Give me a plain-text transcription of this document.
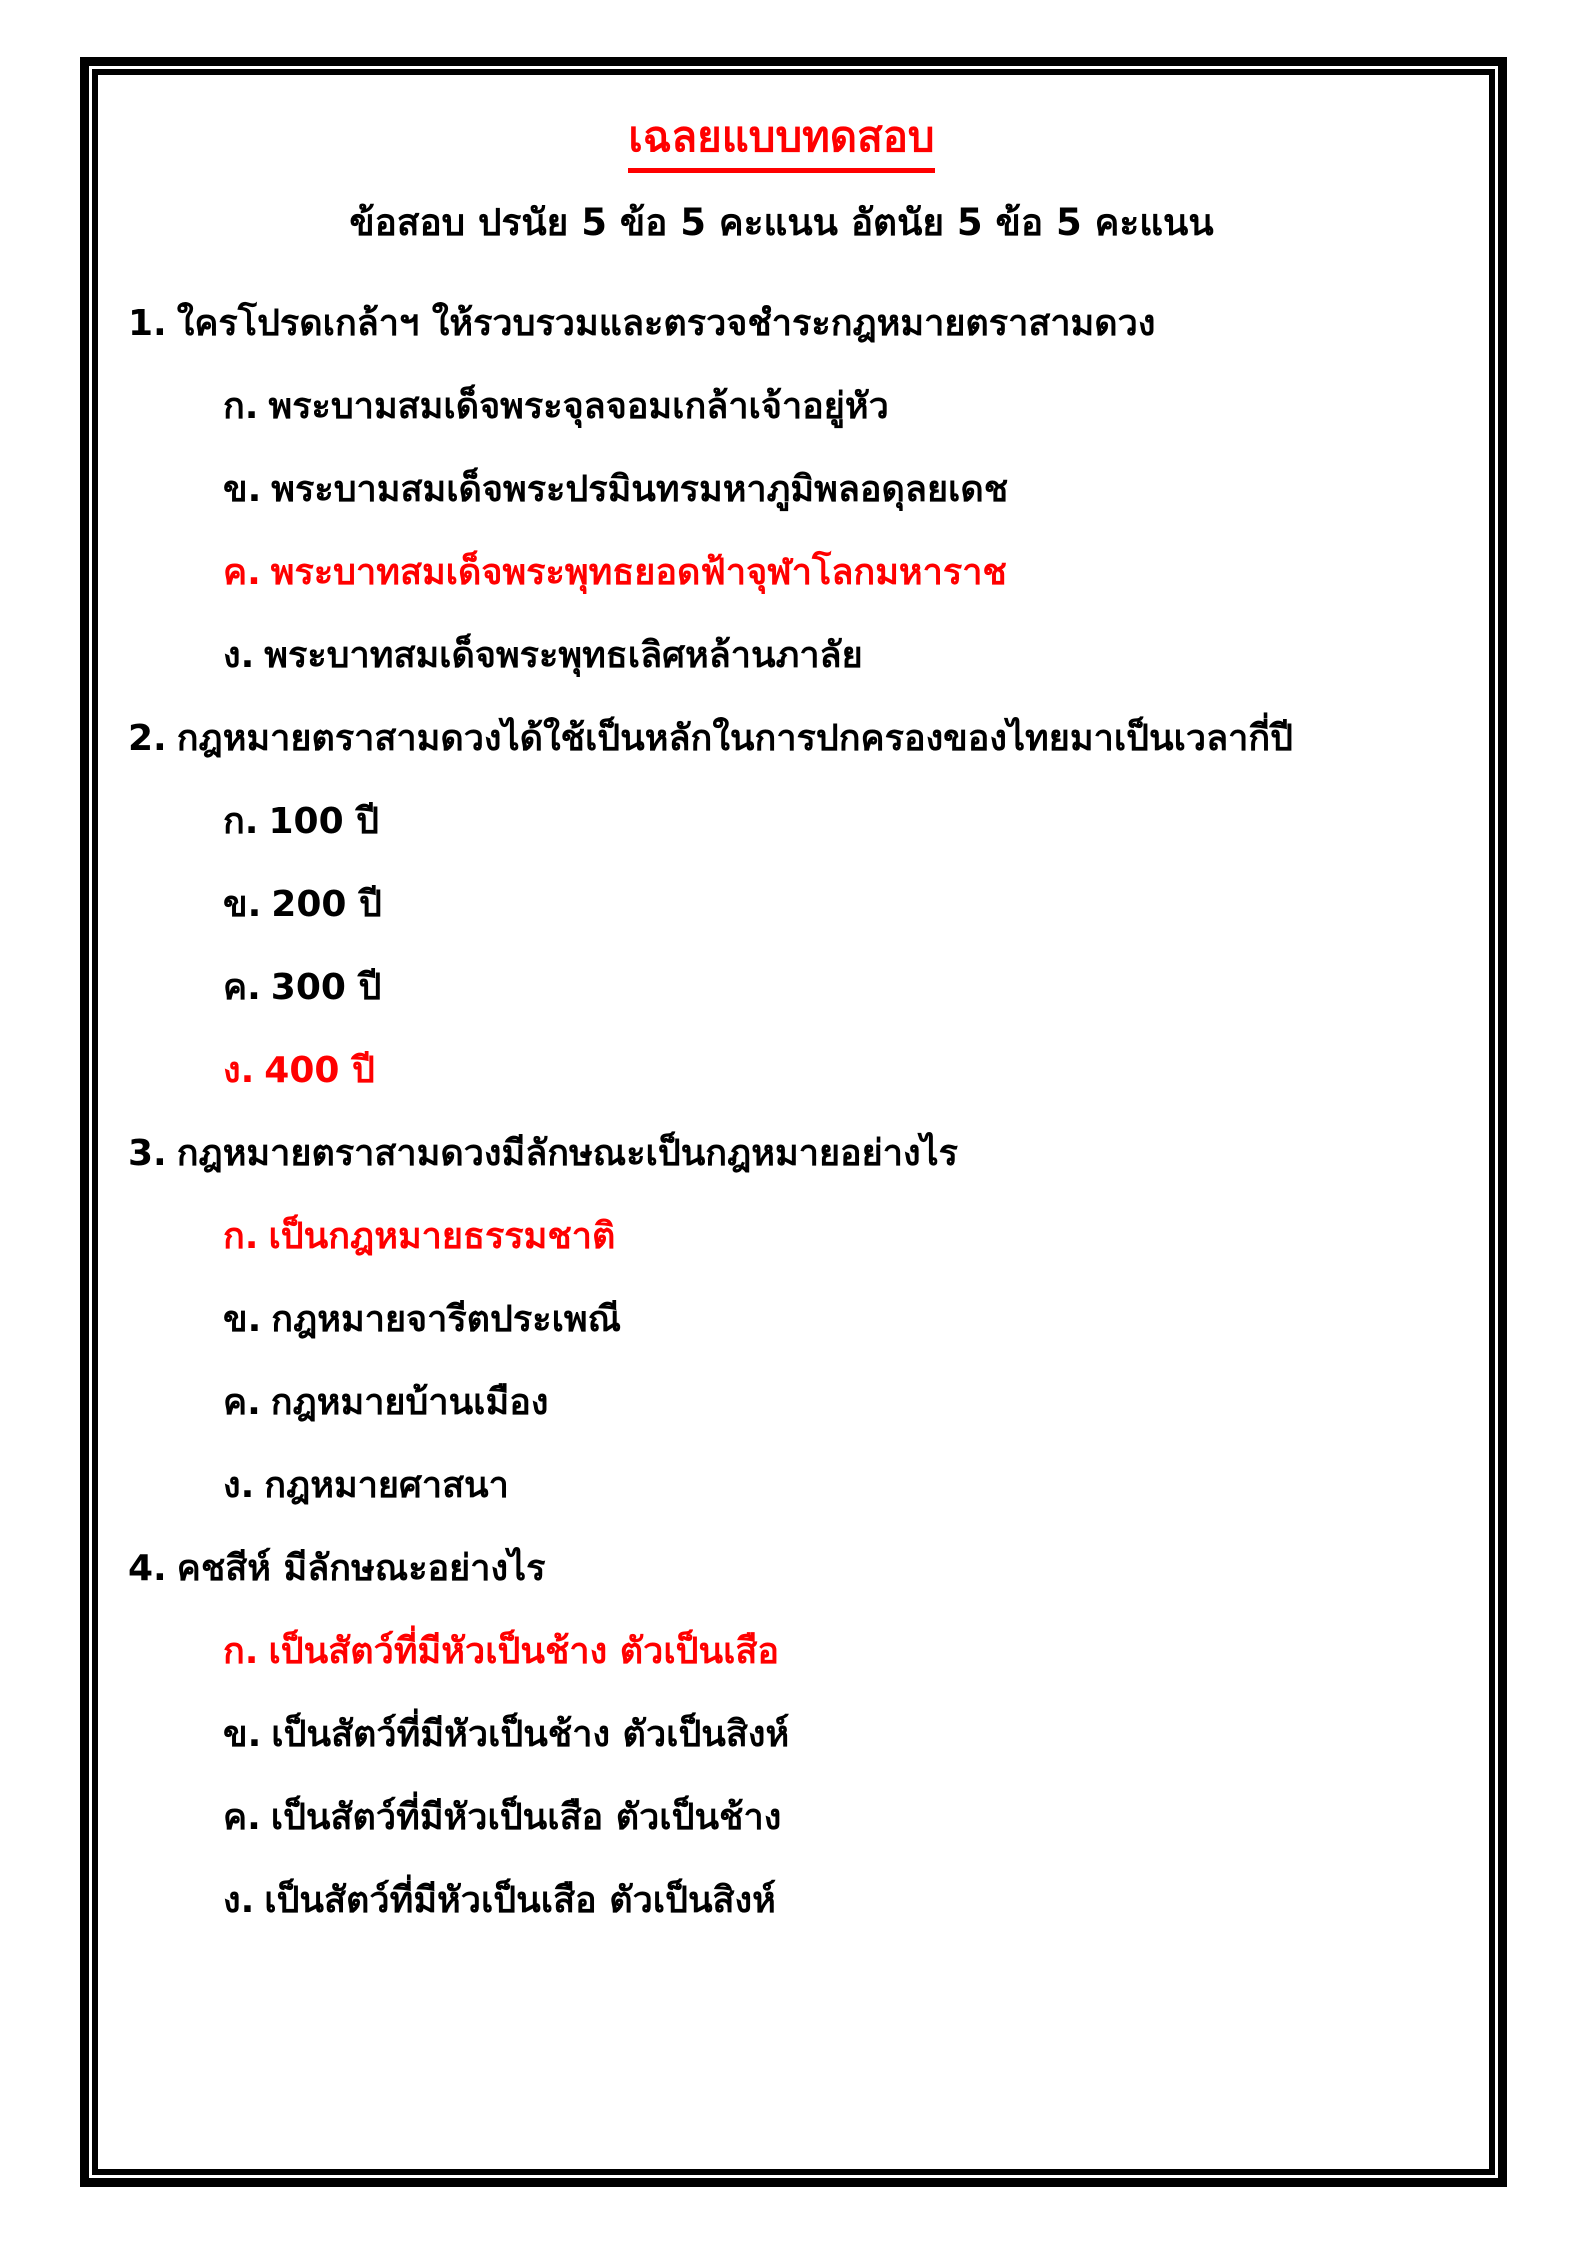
เฉลยแบบทดสอบ
ข้อสอบ ปรนัย 5 ข้อ 5 คะแนน อัตนัย 5 ข้อ 5 คะแนน
1. ใครโปรดเกล้าฯ ให้รวบรวมและตรวจชำระกฎหมายตราสามดวง
ก. พระบามสมเด็จพระจุลจอมเกล้าเจ้าอยู่หัว
ข. พระบามสมเด็จพระปรมินทรมหาภูมิพลอดุลยเดช
ค. พระบาทสมเด็จพระพุทธยอดฟ้าจุฬาโลกมหาราช
ง. พระบาทสมเด็จพระพุทธเลิศหล้านภาลัย
2. กฎหมายตราสามดวงได้ใช้เป็นหลักในการปกครองของไทยมาเป็นเวลากี่ปี
ก. 100 ปี
ข. 200 ปี
ค. 300 ปี
ง. 400 ปี
3. กฎหมายตราสามดวงมีลักษณะเป็นกฎหมายอย่างไร
ก. เป็นกฎหมายธรรมชาติ
ข. กฎหมายจารีตประเพณี
ค. กฎหมายบ้านเมือง
ง. กฎหมายศาสนา
4. คชสีห์ มีลักษณะอย่างไร
ก. เป็นสัตว์ที่มีหัวเป็นช้าง ตัวเป็นเสือ
ข. เป็นสัตว์ที่มีหัวเป็นช้าง ตัวเป็นสิงห์
ค. เป็นสัตว์ที่มีหัวเป็นเสือ ตัวเป็นช้าง
ง. เป็นสัตว์ที่มีหัวเป็นเสือ ตัวเป็นสิงห์
